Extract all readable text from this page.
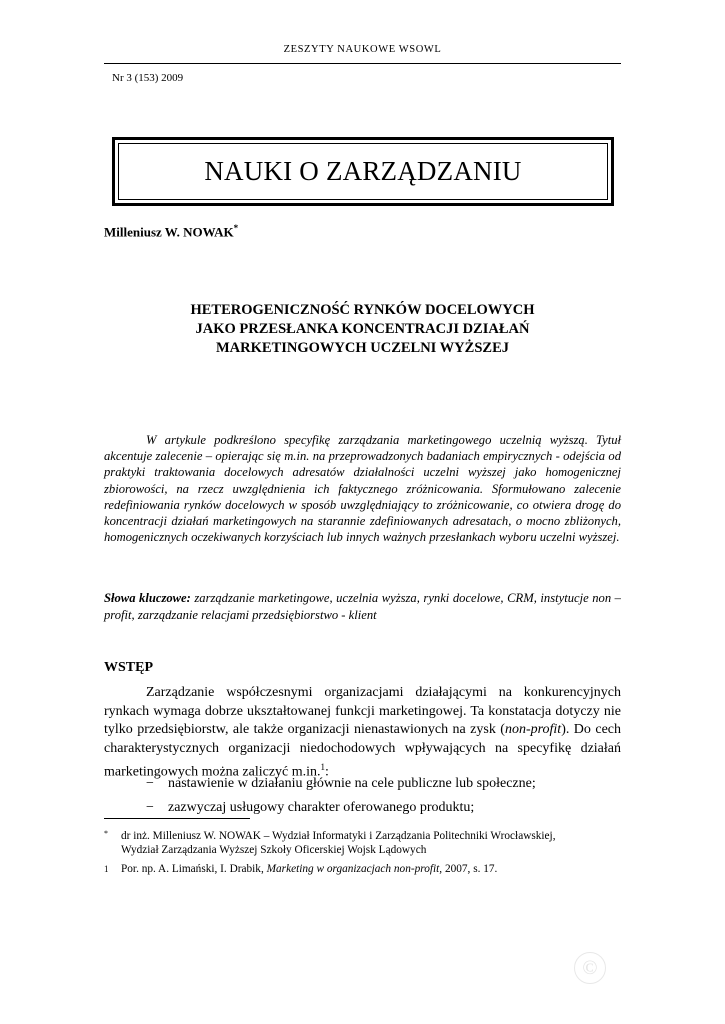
ZESZYTY NAUKOWE WSOWL
Nr 3 (153) 2009
NAUKI O ZARZĄDZANIU
Milleniusz W. NOWAK*
HETEROGENICZNOŚĆ RYNKÓW DOCELOWYCH
JAKO PRZESŁANKA KONCENTRACJI DZIAŁAŃ
MARKETINGOWYCH UCZELNI WYŻSZEJ
W artykule podkreślono specyfikę zarządzania marketingowego uczelnią wyższą. Tytuł akcentuje zalecenie – opierając się m.in. na przeprowadzonych badaniach empirycznych - odejścia od praktyki traktowania docelowych adresatów działalności uczelni wyższej jako homogenicznej zbiorowości, na rzecz uwzględnienia ich faktycznego zróżnicowania. Sformułowano zalecenie redefiniowania rynków docelowych w sposób uwzględniający to zróżnicowanie, co otwiera drogę do koncentracji działań marketingowych na starannie zdefiniowanych adresatach, o mocno zbliżonych, homogenicznych oczekiwanych korzyściach lub innych ważnych przesłankach wyboru uczelni wyższej.
Słowa kluczowe: zarządzanie marketingowe, uczelnia wyższa, rynki docelowe, CRM, instytucje non – profit, zarządzanie relacjami przedsiębiorstwo - klient
WSTĘP
Zarządzanie współczesnymi organizacjami działającymi na konkurencyjnych rynkach wymaga dobrze ukształtowanej funkcji marketingowej. Ta konstatacja dotyczy nie tylko przedsiębiorstw, ale także organizacji nienastawionych na zysk (non-profit). Do cech charakterystycznych organizacji niedochodowych wpływających na specyfikę działań marketingowych można zaliczyć m.in.$^1$:
− nastawienie w działaniu głównie na cele publiczne lub społeczne;
− zazwyczaj usługowy charakter oferowanego produktu;
* dr inż. Milleniusz W. NOWAK – Wydział Informatyki i Zarządzania Politechniki Wrocławskiej,
Wydział Zarządzania Wyższej Szkoły Oficerskiej Wojsk Lądowych
1 Por. np. A. Limański, I. Drabik, Marketing w organizacjach non-profit, 2007, s. 17.
©
